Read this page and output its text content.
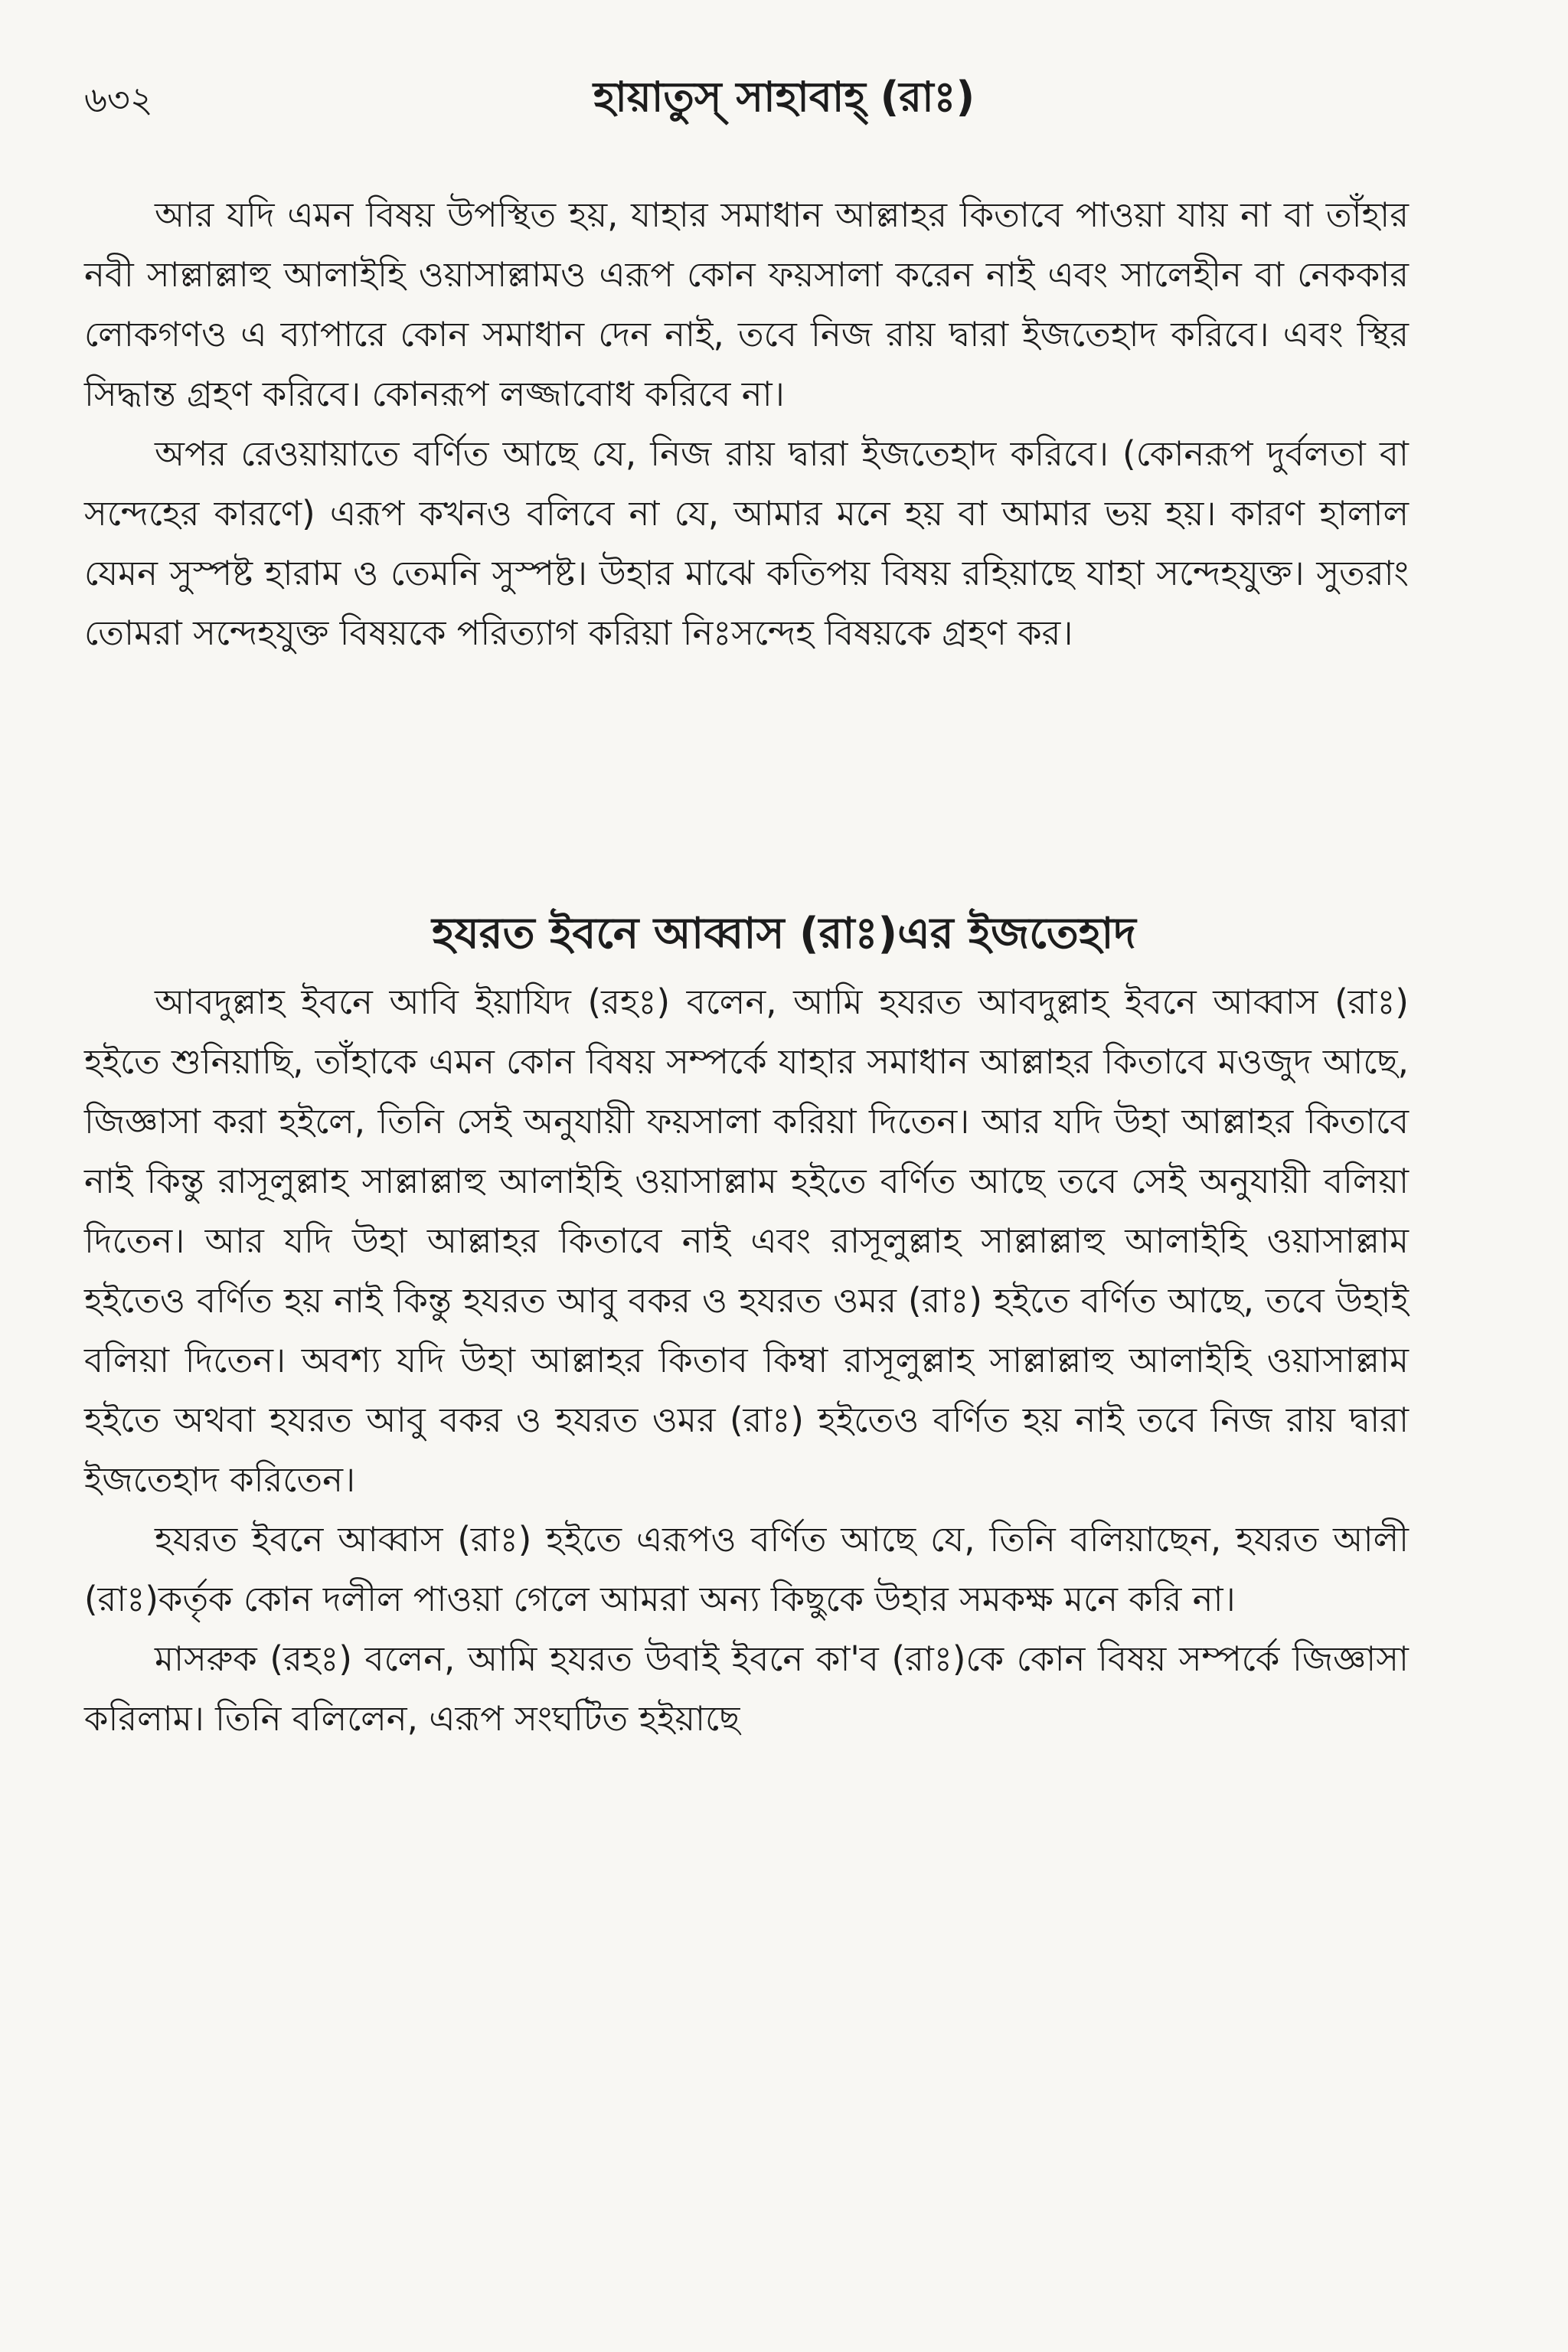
৬৩২	হায়াতুস্ সাহাবাহ্ (রাঃ)

আর যদি এমন বিষয় উপস্থিত হয়, যাহার সমাধান আল্লাহর কিতাবে পাওয়া যায় না বা তাঁহার নবী সাল্লাল্লাহু আলাইহি ওয়াসাল্লামও এরূপ কোন ফয়সালা করেন নাই এবং সালেহীন বা নেককার লোকগণও এ ব্যাপারে কোন সমাধান দেন নাই, তবে নিজ রায় দ্বারা ইজতেহাদ করিবে। এবং স্থির সিদ্ধান্ত গ্রহণ করিবে। কোনরূপ লজ্জাবোধ করিবে না।

অপর রেওয়ায়াতে বর্ণিত আছে যে, নিজ রায় দ্বারা ইজতেহাদ করিবে। (কোনরূপ দুর্বলতা বা সন্দেহের কারণে) এরূপ কখনও বলিবে না যে, আমার মনে হয় বা আমার ভয় হয়। কারণ হালাল যেমন সুস্পষ্ট হারাম ও তেমনি সুস্পষ্ট। উহার মাঝে কতিপয় বিষয় রহিয়াছে যাহা সন্দেহযুক্ত। সুতরাং তোমরা সন্দেহযুক্ত বিষয়কে পরিত্যাগ করিয়া নিঃসন্দেহ বিষয়কে গ্রহণ কর।

হযরত ইবনে আব্বাস (রাঃ)এর ইজতেহাদ

আবদুল্লাহ ইবনে আবি ইয়াযিদ (রহঃ) বলেন, আমি হযরত আবদুল্লাহ ইবনে আব্বাস (রাঃ) হইতে শুনিয়াছি, তাঁহাকে এমন কোন বিষয় সম্পর্কে যাহার সমাধান আল্লাহর কিতাবে মওজুদ আছে, জিজ্ঞাসা করা হইলে, তিনি সেই অনুযায়ী ফয়সালা করিয়া দিতেন। আর যদি উহা আল্লাহর কিতাবে নাই কিন্তু রাসূলুল্লাহ সাল্লাল্লাহু আলাইহি ওয়াসাল্লাম হইতে বর্ণিত আছে তবে সেই অনুযায়ী বলিয়া দিতেন। আর যদি উহা আল্লাহর কিতাবে নাই এবং রাসূলুল্লাহ সাল্লাল্লাহু আলাইহি ওয়াসাল্লাম হইতেও বর্ণিত হয় নাই কিন্তু হযরত আবু বকর ও হযরত ওমর (রাঃ) হইতে বর্ণিত আছে, তবে উহাই বলিয়া দিতেন। অবশ্য যদি উহা আল্লাহর কিতাব কিম্বা রাসূলুল্লাহ সাল্লাল্লাহু আলাইহি ওয়াসাল্লাম হইতে অথবা হযরত আবু বকর ও হযরত ওমর (রাঃ) হইতেও বর্ণিত হয় নাই তবে নিজ রায় দ্বারা ইজতেহাদ করিতেন।

হযরত ইবনে আব্বাস (রাঃ) হইতে এরূপও বর্ণিত আছে যে, তিনি বলিয়াছেন, হযরত আলী (রাঃ)কর্তৃক কোন দলীল পাওয়া গেলে আমরা অন্য কিছুকে উহার সমকক্ষ মনে করি না।

মাসরুক (রহঃ) বলেন, আমি হযরত উবাই ইবনে কা'ব (রাঃ)কে কোন বিষয় সম্পর্কে জিজ্ঞাসা করিলাম। তিনি বলিলেন, এরূপ সংঘটিত হইয়াছে
